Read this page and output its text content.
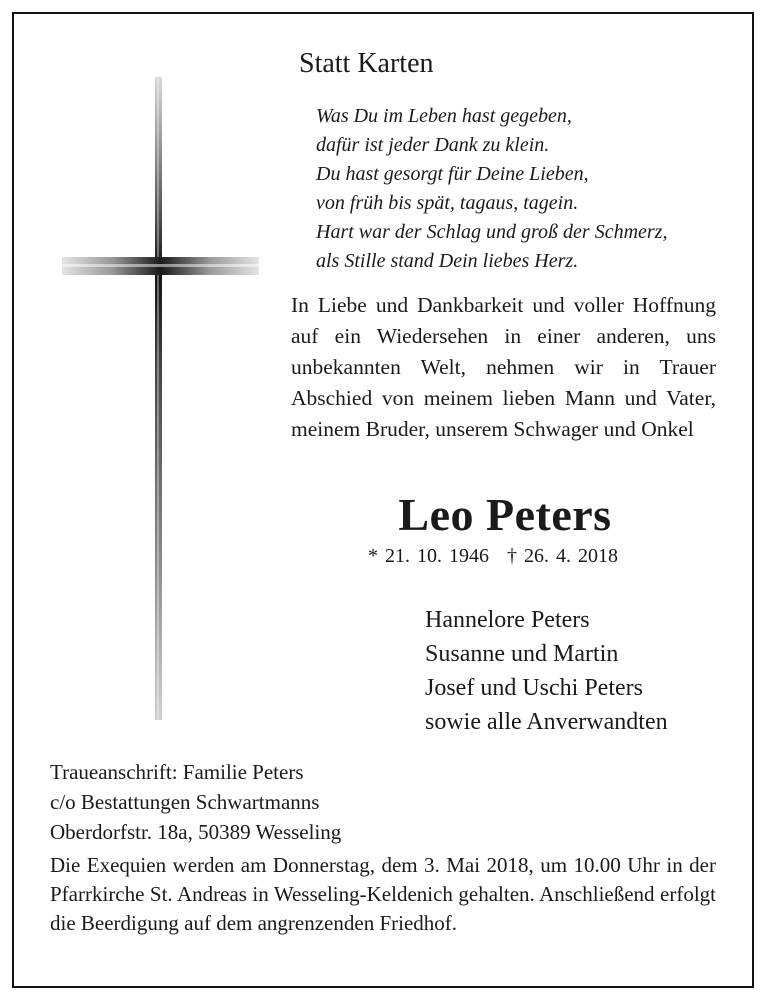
Statt Karten
Was Du im Leben hast gegeben,
dafür ist jeder Dank zu klein.
Du hast gesorgt für Deine Lieben,
von früh bis spät, tagaus, tagein.
Hart war der Schlag und groß der Schmerz,
als Stille stand Dein liebes Herz.
In Liebe und Dankbarkeit und voller Hoffnung auf ein Wiedersehen in einer anderen, uns unbekannten Welt, nehmen wir in Trauer Abschied von meinem lieben Mann und Vater, meinem Bruder, unserem Schwager und Onkel
Leo Peters
* 21. 10. 1946 † 26. 4. 2018
Hannelore Peters
Susanne und Martin
Josef und Uschi Peters
sowie alle Anverwandten
Traueanschrift: Familie Peters
c/o Bestattungen Schwartmanns
Oberdorfstr. 18a, 50389 Wesseling
Die Exequien werden am Donnerstag, dem 3. Mai 2018, um 10.00 Uhr in der Pfarrkirche St. Andreas in Wesseling-Keldenich gehalten. Anschließend erfolgt die Beerdigung auf dem angrenzenden Friedhof.
